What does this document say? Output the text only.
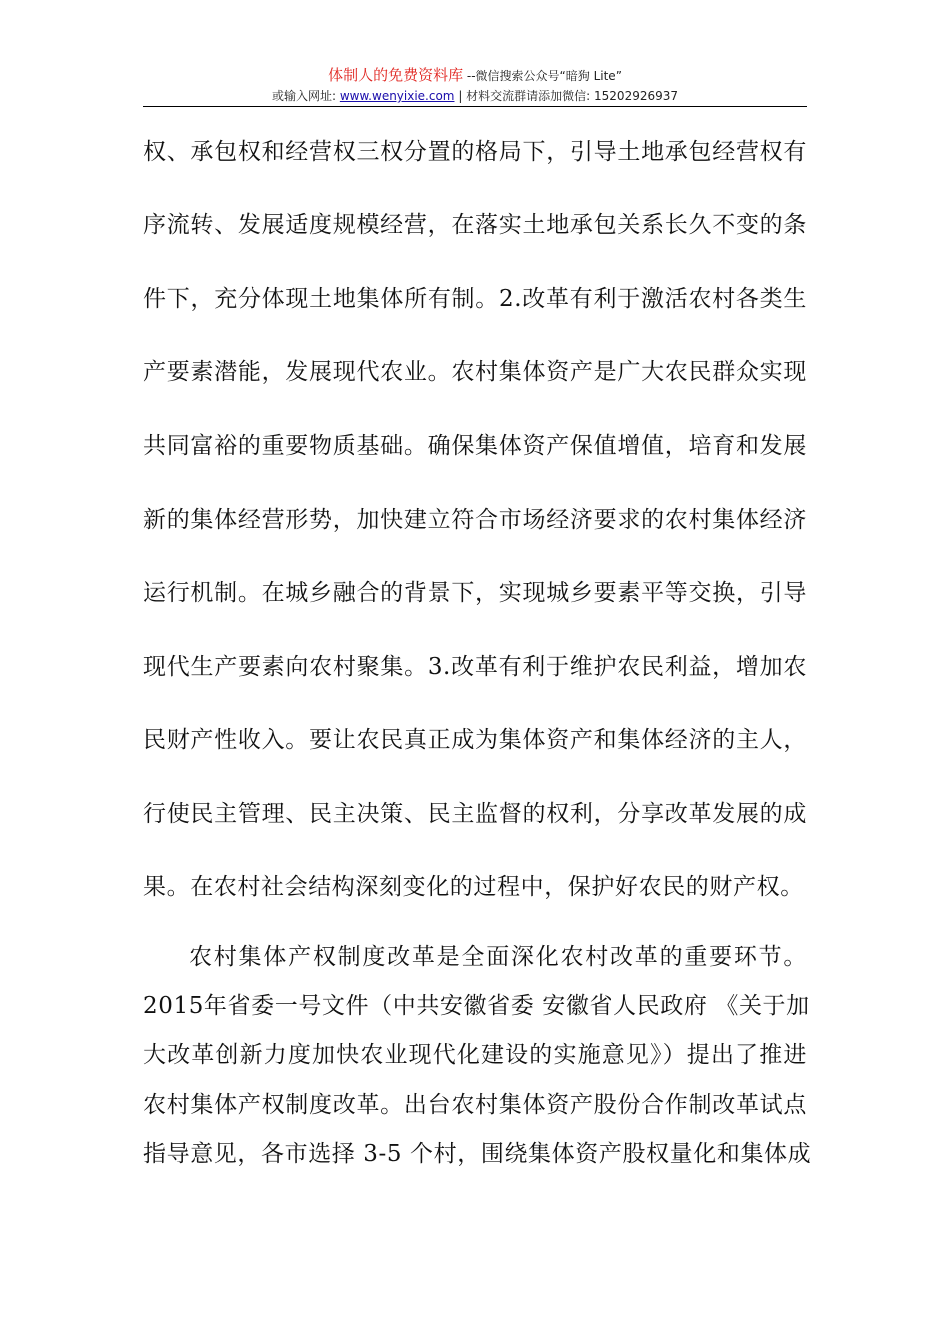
体制人的免费资料库 --微信搜索公众号“暗狗 Lite”
或输入网址: www.wenyixie.com | 材料交流群请添加微信: 15202926937
权、承包权和经营权三权分置的格局下，引导土地承包经营权有
序流转、发展适度规模经营，在落实土地承包关系长久不变的条
件下，充分体现土地集体所有制。2.改革有利于激活农村各类生
产要素潜能，发展现代农业。农村集体资产是广大农民群众实现
共同富裕的重要物质基础。确保集体资产保值增值，培育和发展
新的集体经营形势，加快建立符合市场经济要求的农村集体经济
运行机制。在城乡融合的背景下，实现城乡要素平等交换，引导
现代生产要素向农村聚集。3.改革有利于维护农民利益，增加农
民财产性收入。要让农民真正成为集体资产和集体经济的主人，
行使民主管理、民主决策、民主监督的权利，分享改革发展的成
果。在农村社会结构深刻变化的过程中，保护好农民的财产权。
农村集体产权制度改革是全面深化农村改革的重要环节。
2015年省委一号文件（中共安徽省委 安徽省人民政府 《关于加
大改革创新力度加快农业现代化建设的实施意见》）提出了推进
农村集体产权制度改革。出台农村集体资产股份合作制改革试点
指导意见，各市选择 3-5 个村，围绕集体资产股权量化和集体成
